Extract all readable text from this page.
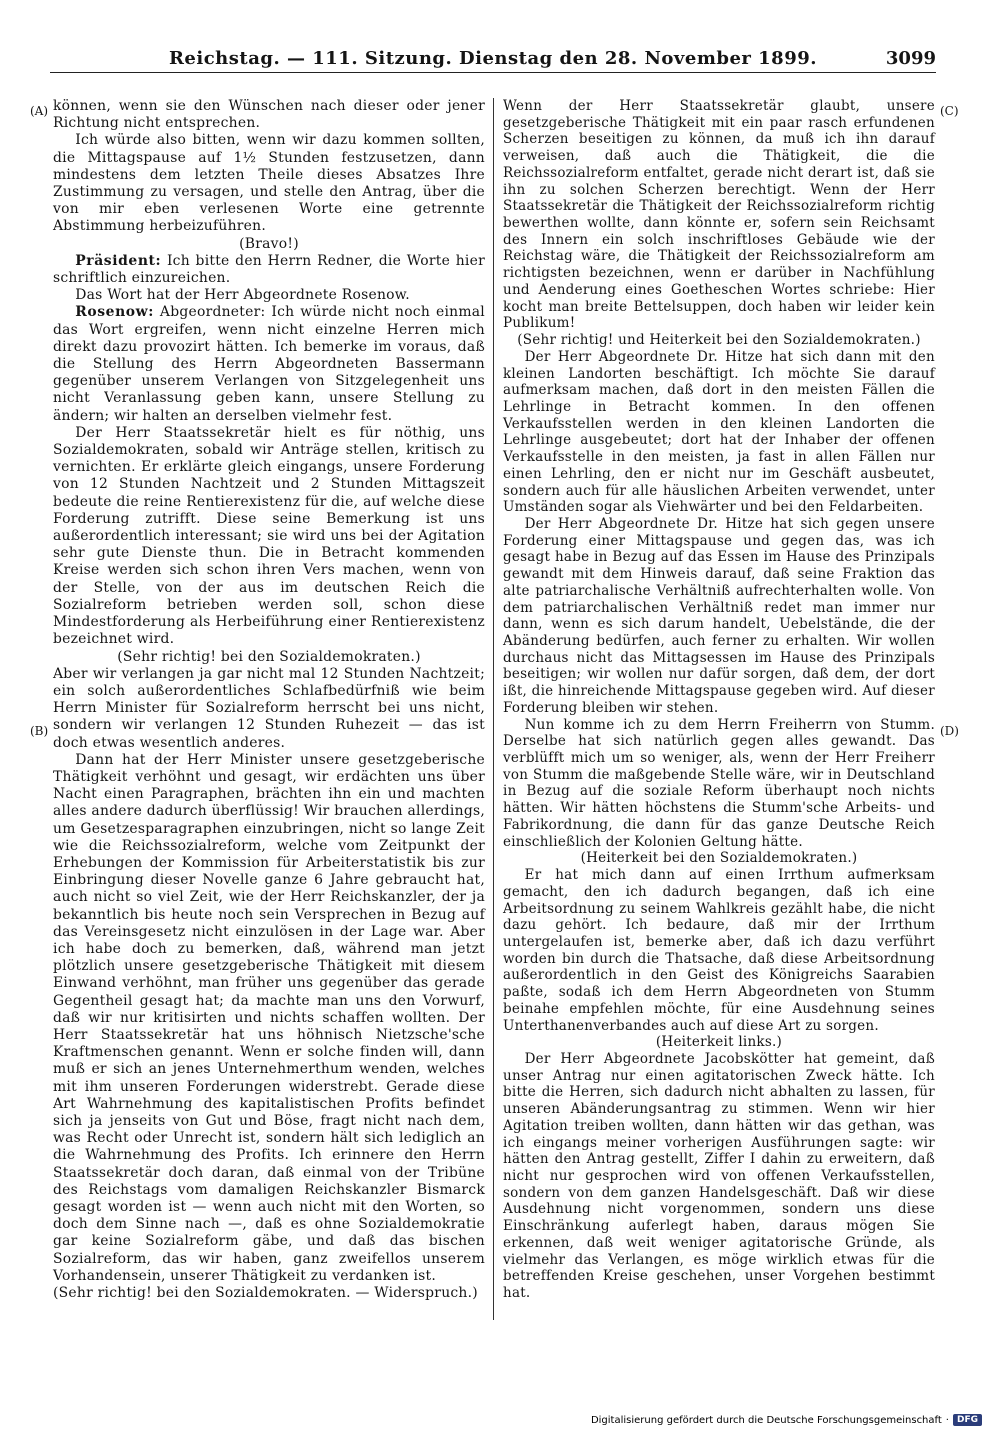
Reichstag. — 111. Sitzung. Dienstag den 28. November 1899.	3099
(A)
(B)
(C)
(D)

können, wenn sie den Wünschen nach dieser oder jener Richtung nicht entsprechen.

Ich würde also bitten, wenn wir dazu kommen sollten, die Mittagspause auf 1½ Stunden festzusetzen, dann mindestens dem letzten Theile dieses Absatzes Ihre Zustimmung zu versagen, und stelle den Antrag, über die von mir eben verlesenen Worte eine getrennte Abstimmung herbeizuführen.

(Bravo!)

Präsident: Ich bitte den Herrn Redner, die Worte hier schriftlich einzureichen.

Das Wort hat der Herr Abgeordnete Rosenow.

Rosenow: Abgeordneter: Ich würde nicht noch einmal das Wort ergreifen, wenn nicht einzelne Herren mich direkt dazu provozirt hätten. Ich bemerke im voraus, daß die Stellung des Herrn Abgeordneten Bassermann gegenüber unserem Verlangen von Sitzgelegenheit uns nicht Veranlassung geben kann, unsere Stellung zu ändern; wir halten an derselben vielmehr fest.

Der Herr Staatssekretär hielt es für nöthig, uns Sozialdemokraten, sobald wir Anträge stellen, kritisch zu vernichten. Er erklärte gleich eingangs, unsere Forderung von 12 Stunden Nachtzeit und 2 Stunden Mittagszeit bedeute die reine Rentierexistenz für die, auf welche diese Forderung zutrifft. Diese seine Bemerkung ist uns außerordentlich interessant; sie wird uns bei der Agitation sehr gute Dienste thun. Die in Betracht kommenden Kreise werden sich schon ihren Vers machen, wenn von der Stelle, von der aus im deutschen Reich die Sozialreform betrieben werden soll, schon diese Mindestforderung als Herbeiführung einer Rentierexistenz bezeichnet wird.

(Sehr richtig! bei den Sozialdemokraten.)

Aber wir verlangen ja gar nicht mal 12 Stunden Nachtzeit; ein solch außerordentliches Schlafbedürfniß wie beim Herrn Minister für Sozialreform herrscht bei uns nicht, sondern wir verlangen 12 Stunden Ruhezeit — das ist doch etwas wesentlich anderes.

Dann hat der Herr Minister unsere gesetzgeberische Thätigkeit verhöhnt und gesagt, wir erdächten uns über Nacht einen Paragraphen, brächten ihn ein und machten alles andere dadurch überflüssig! Wir brauchen allerdings, um Gesetzesparagraphen einzubringen, nicht so lange Zeit wie die Reichssozialreform, welche vom Zeitpunkt der Erhebungen der Kommission für Arbeiterstatistik bis zur Einbringung dieser Novelle ganze 6 Jahre gebraucht hat, auch nicht so viel Zeit, wie der Herr Reichskanzler, der ja bekanntlich bis heute noch sein Versprechen in Bezug auf das Vereinsgesetz nicht einzulösen in der Lage war. Aber ich habe doch zu bemerken, daß, während man jetzt plötzlich unsere gesetzgeberische Thätigkeit mit diesem Einwand verhöhnt, man früher uns gegenüber das gerade Gegentheil gesagt hat; da machte man uns den Vorwurf, daß wir nur kritisirten und nichts schaffen wollten. Der Herr Staatssekretär hat uns höhnisch Nietzsche'sche Kraftmenschen genannt. Wenn er solche finden will, dann muß er sich an jenes Unternehmerthum wenden, welches mit ihm unseren Forderungen widerstrebt. Gerade diese Art Wahrnehmung des kapitalistischen Profits befindet sich ja jenseits von Gut und Böse, fragt nicht nach dem, was Recht oder Unrecht ist, sondern hält sich lediglich an die Wahrnehmung des Profits. Ich erinnere den Herrn Staatssekretär doch daran, daß einmal von der Tribüne des Reichstags vom damaligen Reichskanzler Bismarck gesagt worden ist — wenn auch nicht mit den Worten, so doch dem Sinne nach —, daß es ohne Sozialdemokratie gar keine Sozialreform gäbe, und daß das bischen Sozialreform, das wir haben, ganz zweifellos unserem Vorhandensein, unserer Thätigkeit zu verdanken ist.

(Sehr richtig! bei den Sozialdemokraten. — Widerspruch.)

Wenn der Herr Staatssekretär glaubt, unsere gesetzgeberische Thätigkeit mit ein paar rasch erfundenen Scherzen beseitigen zu können, da muß ich ihn darauf verweisen, daß auch die Thätigkeit, die die Reichssozialreform entfaltet, gerade nicht derart ist, daß sie ihn zu solchen Scherzen berechtigt. Wenn der Herr Staatssekretär die Thätigkeit der Reichssozialreform richtig bewerthen wollte, dann könnte er, sofern sein Reichsamt des Innern ein solch inschriftloses Gebäude wie der Reichstag wäre, die Thätigkeit der Reichssozialreform am richtigsten bezeichnen, wenn er darüber in Nachfühlung und Aenderung eines Goetheschen Wortes schriebe: Hier kocht man breite Bettelsuppen, doch haben wir leider kein Publikum!

(Sehr richtig! und Heiterkeit bei den Sozialdemokraten.)

Der Herr Abgeordnete Dr. Hitze hat sich dann mit den kleinen Landorten beschäftigt. Ich möchte Sie darauf aufmerksam machen, daß dort in den meisten Fällen die Lehrlinge in Betracht kommen. In den offenen Verkaufsstellen werden in den kleinen Landorten die Lehrlinge ausgebeutet; dort hat der Inhaber der offenen Verkaufsstelle in den meisten, ja fast in allen Fällen nur einen Lehrling, den er nicht nur im Geschäft ausbeutet, sondern auch für alle häuslichen Arbeiten verwendet, unter Umständen sogar als Viehwärter und bei den Feldarbeiten.

Der Herr Abgeordnete Dr. Hitze hat sich gegen unsere Forderung einer Mittagspause und gegen das, was ich gesagt habe in Bezug auf das Essen im Hause des Prinzipals gewandt mit dem Hinweis darauf, daß seine Fraktion das alte patriarchalische Verhältniß aufrechterhalten wolle. Von dem patriarchalischen Verhältniß redet man immer nur dann, wenn es sich darum handelt, Uebelstände, die der Abänderung bedürfen, auch ferner zu erhalten. Wir wollen durchaus nicht das Mittagsessen im Hause des Prinzipals beseitigen; wir wollen nur dafür sorgen, daß dem, der dort ißt, die hinreichende Mittagspause gegeben wird. Auf dieser Forderung bleiben wir stehen.

Nun komme ich zu dem Herrn Freiherrn von Stumm. Derselbe hat sich natürlich gegen alles gewandt. Das verblüfft mich um so weniger, als, wenn der Herr Freiherr von Stumm die maßgebende Stelle wäre, wir in Deutschland in Bezug auf die soziale Reform überhaupt noch nichts hätten. Wir hätten höchstens die Stumm'sche Arbeits- und Fabrikordnung, die dann für das ganze Deutsche Reich einschließlich der Kolonien Geltung hätte.

(Heiterkeit bei den Sozialdemokraten.)

Er hat mich dann auf einen Irrthum aufmerksam gemacht, den ich dadurch begangen, daß ich eine Arbeitsordnung zu seinem Wahlkreis gezählt habe, die nicht dazu gehört. Ich bedaure, daß mir der Irrthum untergelaufen ist, bemerke aber, daß ich dazu verführt worden bin durch die Thatsache, daß diese Arbeitsordnung außerordentlich in den Geist des Königreichs Saarabien paßte, sodaß ich dem Herrn Abgeordneten von Stumm beinahe empfehlen möchte, für eine Ausdehnung seines Unterthanenverbandes auch auf diese Art zu sorgen.

(Heiterkeit links.)

Der Herr Abgeordnete Jacobskötter hat gemeint, daß unser Antrag nur einen agitatorischen Zweck hätte. Ich bitte die Herren, sich dadurch nicht abhalten zu lassen, für unseren Abänderungsantrag zu stimmen. Wenn wir hier Agitation treiben wollten, dann hätten wir das gethan, was ich eingangs meiner vorherigen Ausführungen sagte: wir hätten den Antrag gestellt, Ziffer I dahin zu erweitern, daß nicht nur gesprochen wird von offenen Verkaufsstellen, sondern von dem ganzen Handelsgeschäft. Daß wir diese Ausdehnung nicht vorgenommen, sondern uns diese Einschränkung auferlegt haben, daraus mögen Sie erkennen, daß weit weniger agitatorische Gründe, als vielmehr das Verlangen, es möge wirklich etwas für die betreffenden Kreise geschehen, unser Vorgehen bestimmt hat.

Digitalisierung gefördert durch die Deutsche Forschungsgemeinschaft · DFG
